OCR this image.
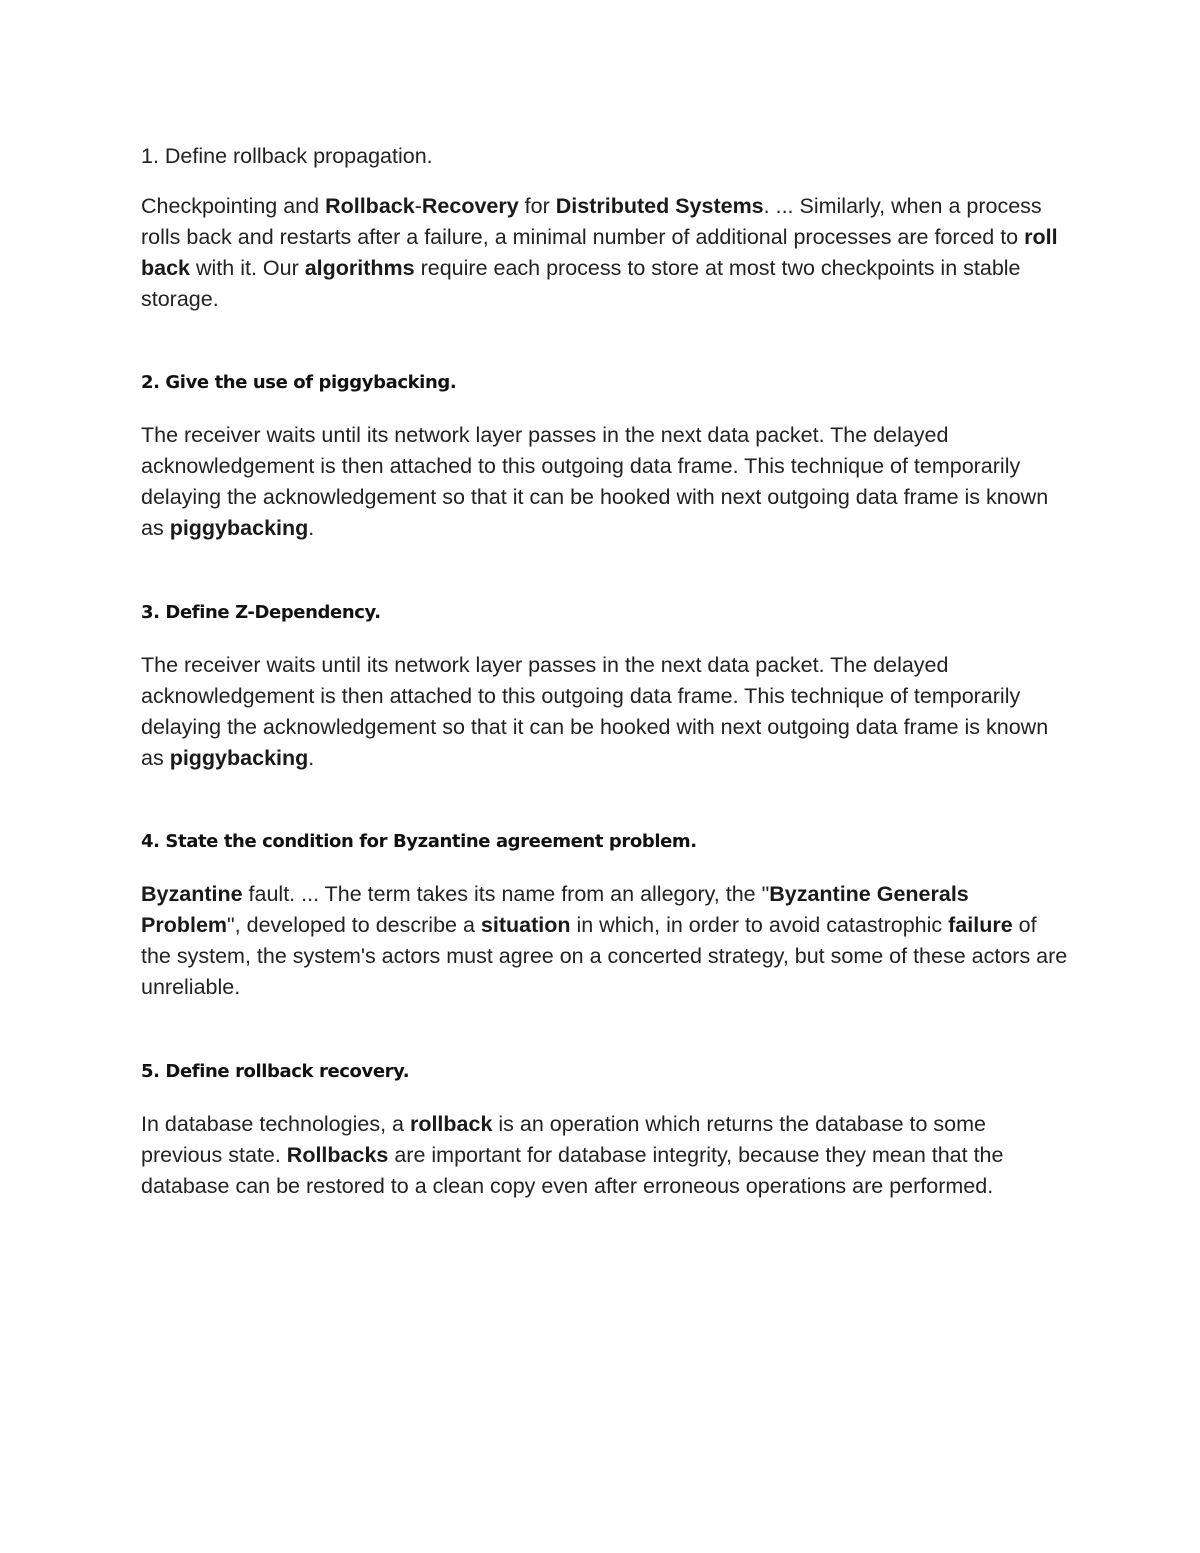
1. Define rollback propagation.

Checkpointing and Rollback-Recovery for Distributed Systems. ... Similarly, when a process rolls back and restarts after a failure, a minimal number of additional processes are forced to roll back with it. Our algorithms require each process to store at most two checkpoints in stable storage.

2. Give the use of piggybacking.

The receiver waits until its network layer passes in the next data packet. The delayed acknowledgement is then attached to this outgoing data frame. This technique of temporarily delaying the acknowledgement so that it can be hooked with next outgoing data frame is known as piggybacking.

3. Define Z-Dependency.

The receiver waits until its network layer passes in the next data packet. The delayed acknowledgement is then attached to this outgoing data frame. This technique of temporarily delaying the acknowledgement so that it can be hooked with next outgoing data frame is known as piggybacking.

4. State the condition for Byzantine agreement problem.

Byzantine fault. ... The term takes its name from an allegory, the "Byzantine Generals Problem", developed to describe a situation in which, in order to avoid catastrophic failure of the system, the system's actors must agree on a concerted strategy, but some of these actors are unreliable.

5. Define rollback recovery.

In database technologies, a rollback is an operation which returns the database to some previous state. Rollbacks are important for database integrity, because they mean that the database can be restored to a clean copy even after erroneous operations are performed.
